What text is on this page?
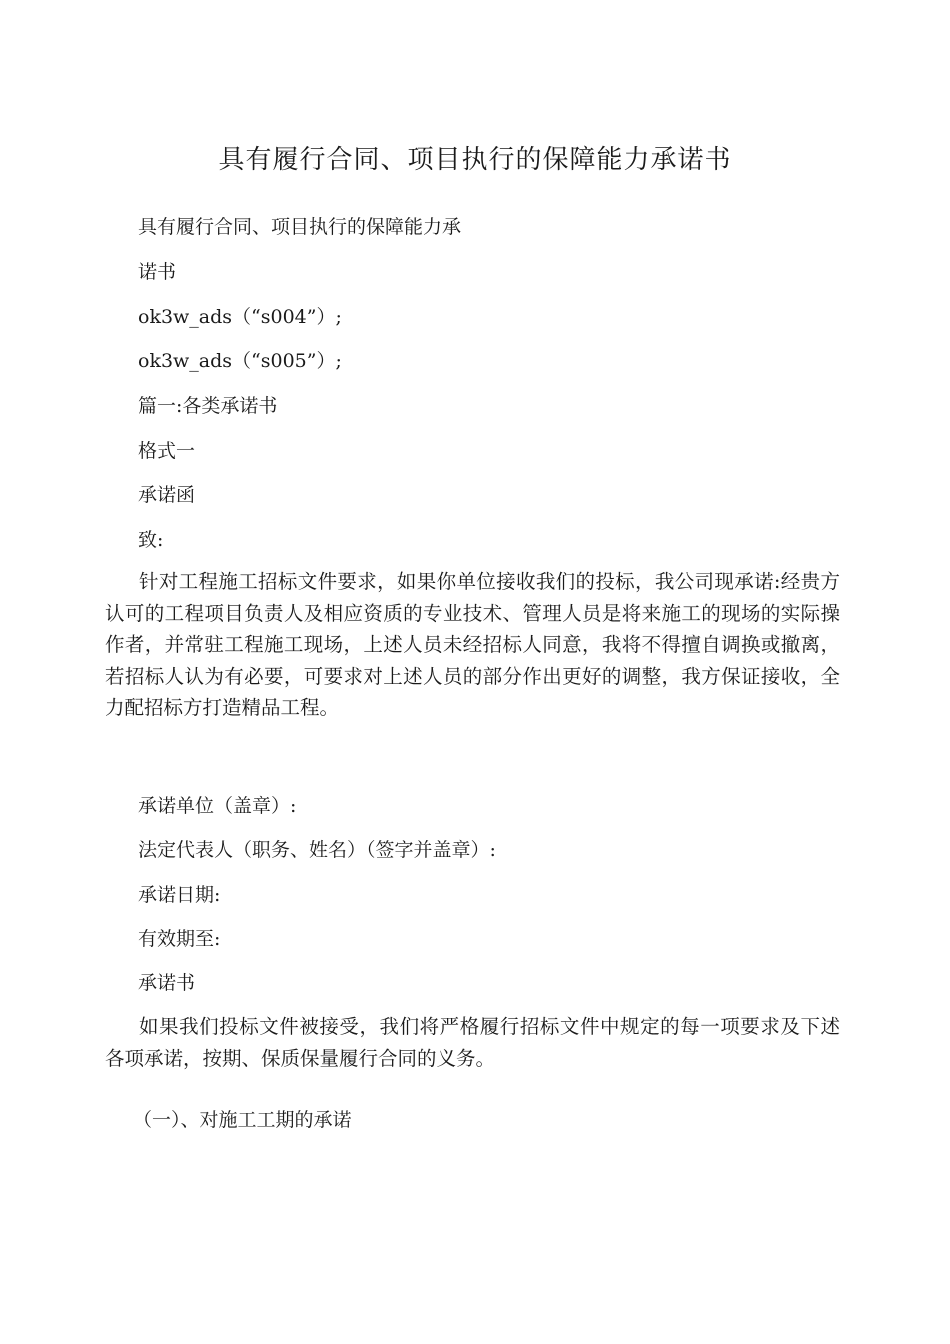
具有履行合同、项目执行的保障能力承诺书
具有履行合同、项目执行的保障能力承
诺书
ok3w_ads（“s004”）;
ok3w_ads（“s005”）;
篇一:各类承诺书
格式一
承诺函
致:
针对工程施工招标文件要求，如果你单位接收我们的投标，我公司现承诺:经贵方认可的工程项目负责人及相应资质的专业技术、管理人员是将来施工的现场的实际操作者，并常驻工程施工现场，上述人员未经招标人同意，我将不得擅自调换或撤离，若招标人认为有必要，可要求对上述人员的部分作出更好的调整，我方保证接收，全力配招标方打造精品工程。
承诺单位（盖章）:
法定代表人（职务、姓名）（签字并盖章）:
承诺日期:
有效期至:
承诺书
如果我们投标文件被接受，我们将严格履行招标文件中规定的每一项要求及下述各项承诺，按期、保质保量履行合同的义务。
（一）、对施工工期的承诺
